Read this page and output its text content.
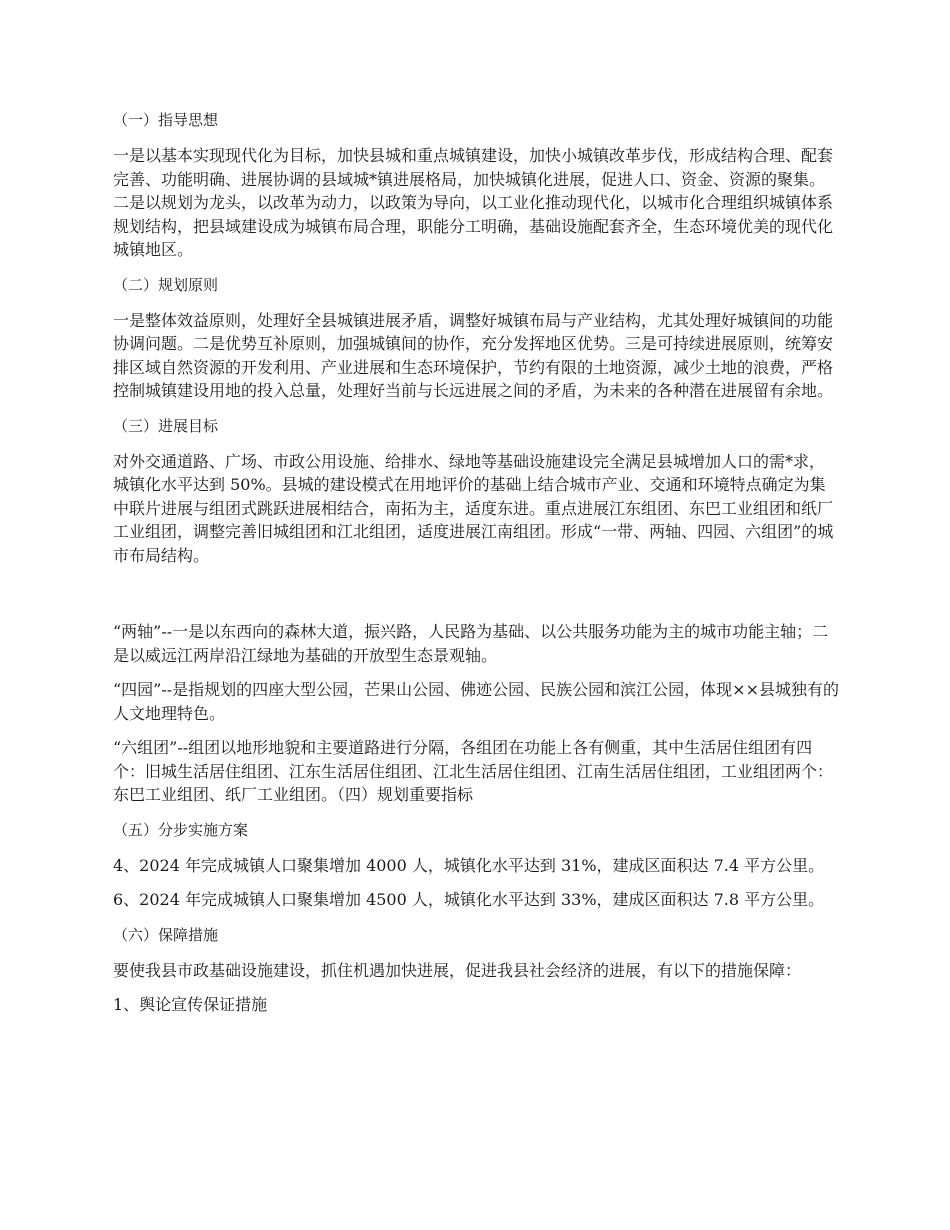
（一）指导思想

一是以基本实现现代化为目标，加快县城和重点城镇建设，加快小城镇改革步伐，形成结构合理、配套完善、功能明确、进展协调的县域城*镇进展格局，加快城镇化进展，促进人口、资金、资源的聚集。二是以规划为龙头，以改革为动力，以政策为导向，以工业化推动现代化，以城市化合理组织城镇体系规划结构，把县域建设成为城镇布局合理，职能分工明确，基础设施配套齐全，生态环境优美的现代化城镇地区。

（二）规划原则

一是整体效益原则，处理好全县城镇进展矛盾，调整好城镇布局与产业结构，尤其处理好城镇间的功能协调问题。二是优势互补原则，加强城镇间的协作，充分发挥地区优势。三是可持续进展原则，统筹安排区域自然资源的开发利用、产业进展和生态环境保护，节约有限的土地资源，减少土地的浪费，严格控制城镇建设用地的投入总量，处理好当前与长远进展之间的矛盾，为未来的各种潜在进展留有余地。

（三）进展目标

对外交通道路、广场、市政公用设施、给排水、绿地等基础设施建设完全满足县城增加人口的需*求，城镇化水平达到 50%。县城的建设模式在用地评价的基础上结合城市产业、交通和环境特点确定为集中联片进展与组团式跳跃进展相结合，南拓为主，适度东进。重点进展江东组团、东巴工业组团和纸厂工业组团，调整完善旧城组团和江北组团，适度进展江南组团。形成“一带、两轴、四园、六组团”的城市布局结构。

“两轴”--一是以东西向的森林大道，振兴路，人民路为基础、以公共服务功能为主的城市功能主轴；二是以威远江两岸沿江绿地为基础的开放型生态景观轴。

“四园”--是指规划的四座大型公园，芒果山公园、佛迹公园、民族公园和滨江公园，体现××县城独有的人文地理特色。

“六组团”--组团以地形地貌和主要道路进行分隔，各组团在功能上各有侧重，其中生活居住组团有四个：旧城生活居住组团、江东生活居住组团、江北生活居住组团、江南生活居住组团，工业组团两个：东巴工业组团、纸厂工业组团。（四）规划重要指标

（五）分步实施方案

4、2024 年完成城镇人口聚集增加 4000 人，城镇化水平达到 31%，建成区面积达 7.4 平方公里。

6、2024 年完成城镇人口聚集增加 4500 人，城镇化水平达到 33%，建成区面积达 7.8 平方公里。

（六）保障措施

要使我县市政基础设施建设，抓住机遇加快进展，促进我县社会经济的进展，有以下的措施保障：

1、舆论宣传保证措施
